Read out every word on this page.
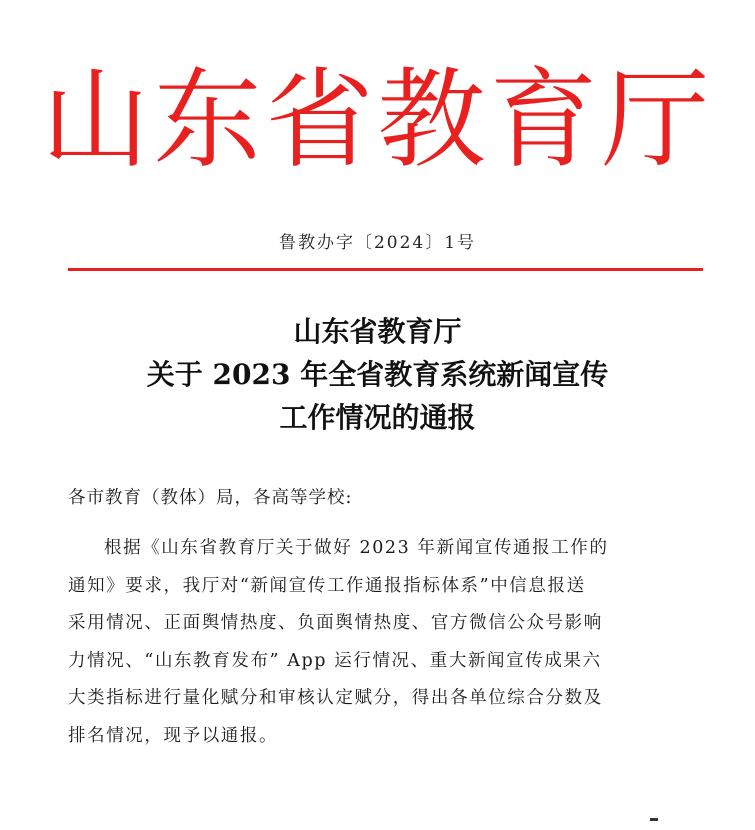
山东省教育厅
鲁教办字〔2024〕1号
山东省教育厅
关于 2023 年全省教育系统新闻宣传
工作情况的通报
各市教育（教体）局，各高等学校:
根据《山东省教育厅关于做好 2023 年新闻宣传通报工作的
通知》要求，我厅对“新闻宣传工作通报指标体系”中信息报送
采用情况、正面舆情热度、负面舆情热度、官方微信公众号影响
力情况、“山东教育发布” App 运行情况、重大新闻宣传成果六
大类指标进行量化赋分和审核认定赋分，得出各单位综合分数及
排名情况，现予以通报。
